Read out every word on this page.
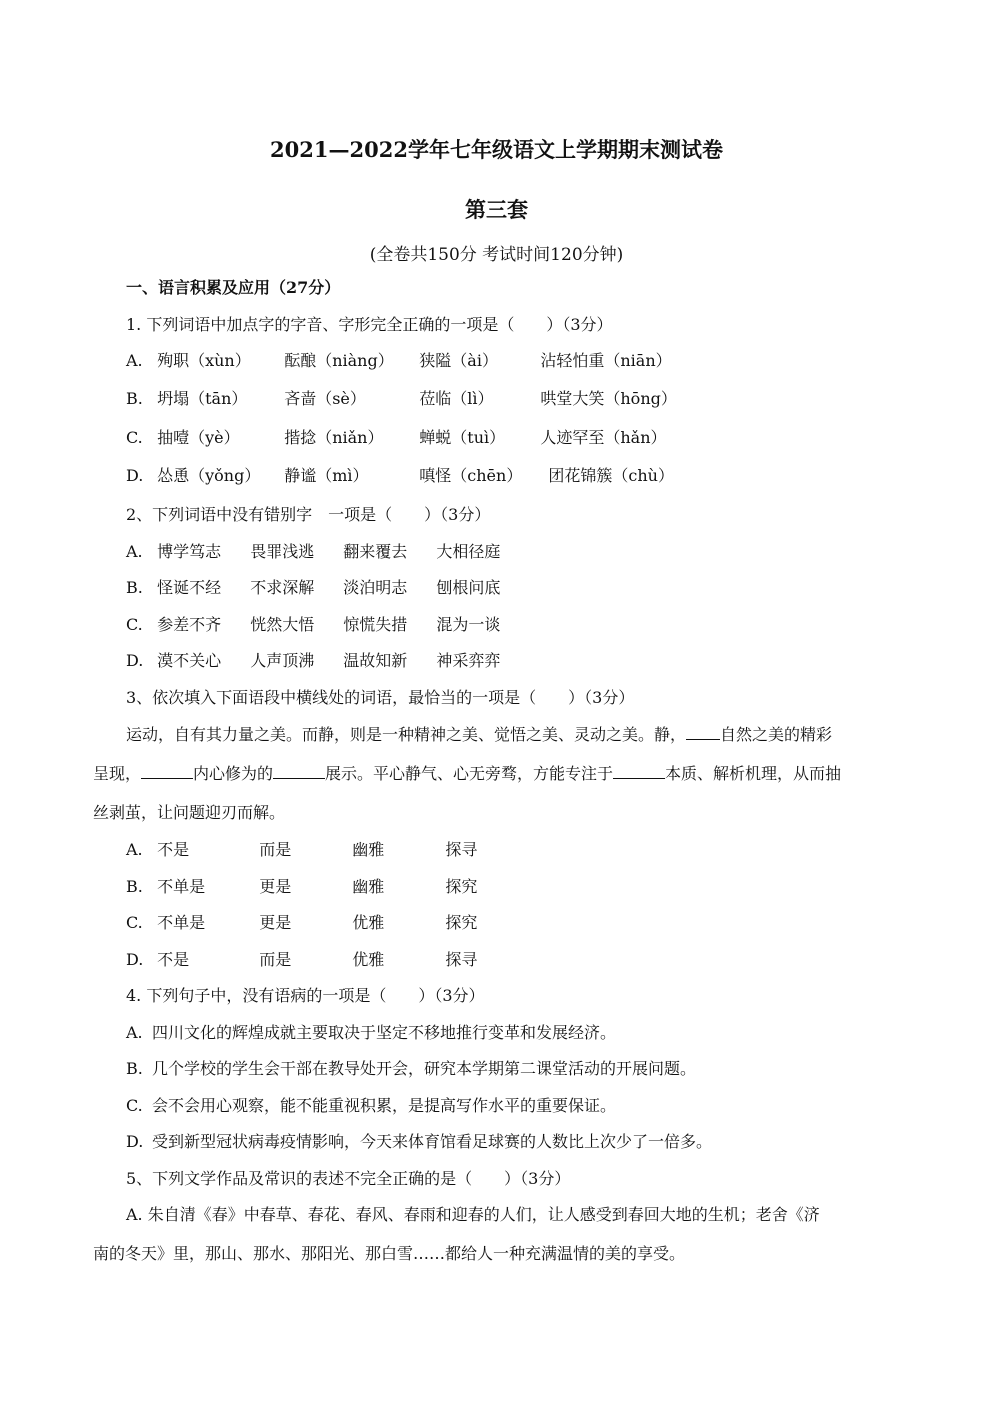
2021—2022学年七年级语文上学期期末测试卷
第三套
(全卷共150分 考试时间120分钟)
一、语言积累及应用（27分）
1. 下列词语中加点字的字音、字形完全正确的一项是（　　）（3分）
A. 殉职（xùn） 酝酿（niàng） 狭隘（ài）	沾轻怕重（niān）
B. 坍塌（tān） 吝啬（sè）	莅临（lì）	哄堂大笑（hōng）
C. 抽噎（yè）	揩捻（niǎn） 蝉蜕（tuì） 人迹罕至（hǎn）
D. 怂恿（yǒng） 静谧（mì）	嗔怪（chēn） 团花锦簇（chù）
2、下列词语中没有错别字　一项是（　　）（3分）
A. 博学笃志 畏罪浅逃 翻来覆去 大相径庭
B. 怪诞不经 不求深解 淡泊明志 刨根问底
C. 参差不齐 恍然大悟 惊慌失措 混为一谈
D. 漠不关心 人声顶沸 温故知新 神采弈弈
3、依次填入下面语段中横线处的词语，最恰当的一项是（　　）（3分）
运动，自有其力量之美。而静，则是一种精神之美、觉悟之美、灵动之美。静， 自然之美的精彩
呈现，	内心修为的	展示。平心静气、心无旁骛，方能专注于	本质、解析机理，从而抽
丝剥茧，让问题迎刃而解。
A. 不是	而是	幽雅	探寻
B. 不单是	更是	幽雅	探究
C. 不单是	更是	优雅	探究
D. 不是	而是	优雅	探寻
4. 下列句子中，没有语病的一项是（　　）（3分）
A. 四川文化的辉煌成就主要取决于坚定不移地推行变革和发展经济。
B. 几个学校的学生会干部在教导处开会，研究本学期第二课堂活动的开展问题。
C. 会不会用心观察，能不能重视积累，是提高写作水平的重要保证。
D. 受到新型冠状病毒疫情影响，今天来体育馆看足球赛的人数比上次少了一倍多。
5、下列文学作品及常识的表述不完全正确的是（　　）（3分）
A. 朱自清《春》中春草、春花、春风、春雨和迎春的人们，让人感受到春回大地的生机；老舍《济
南的冬天》里，那山、那水、那阳光、那白雪……都给人一种充满温情的美的享受。
